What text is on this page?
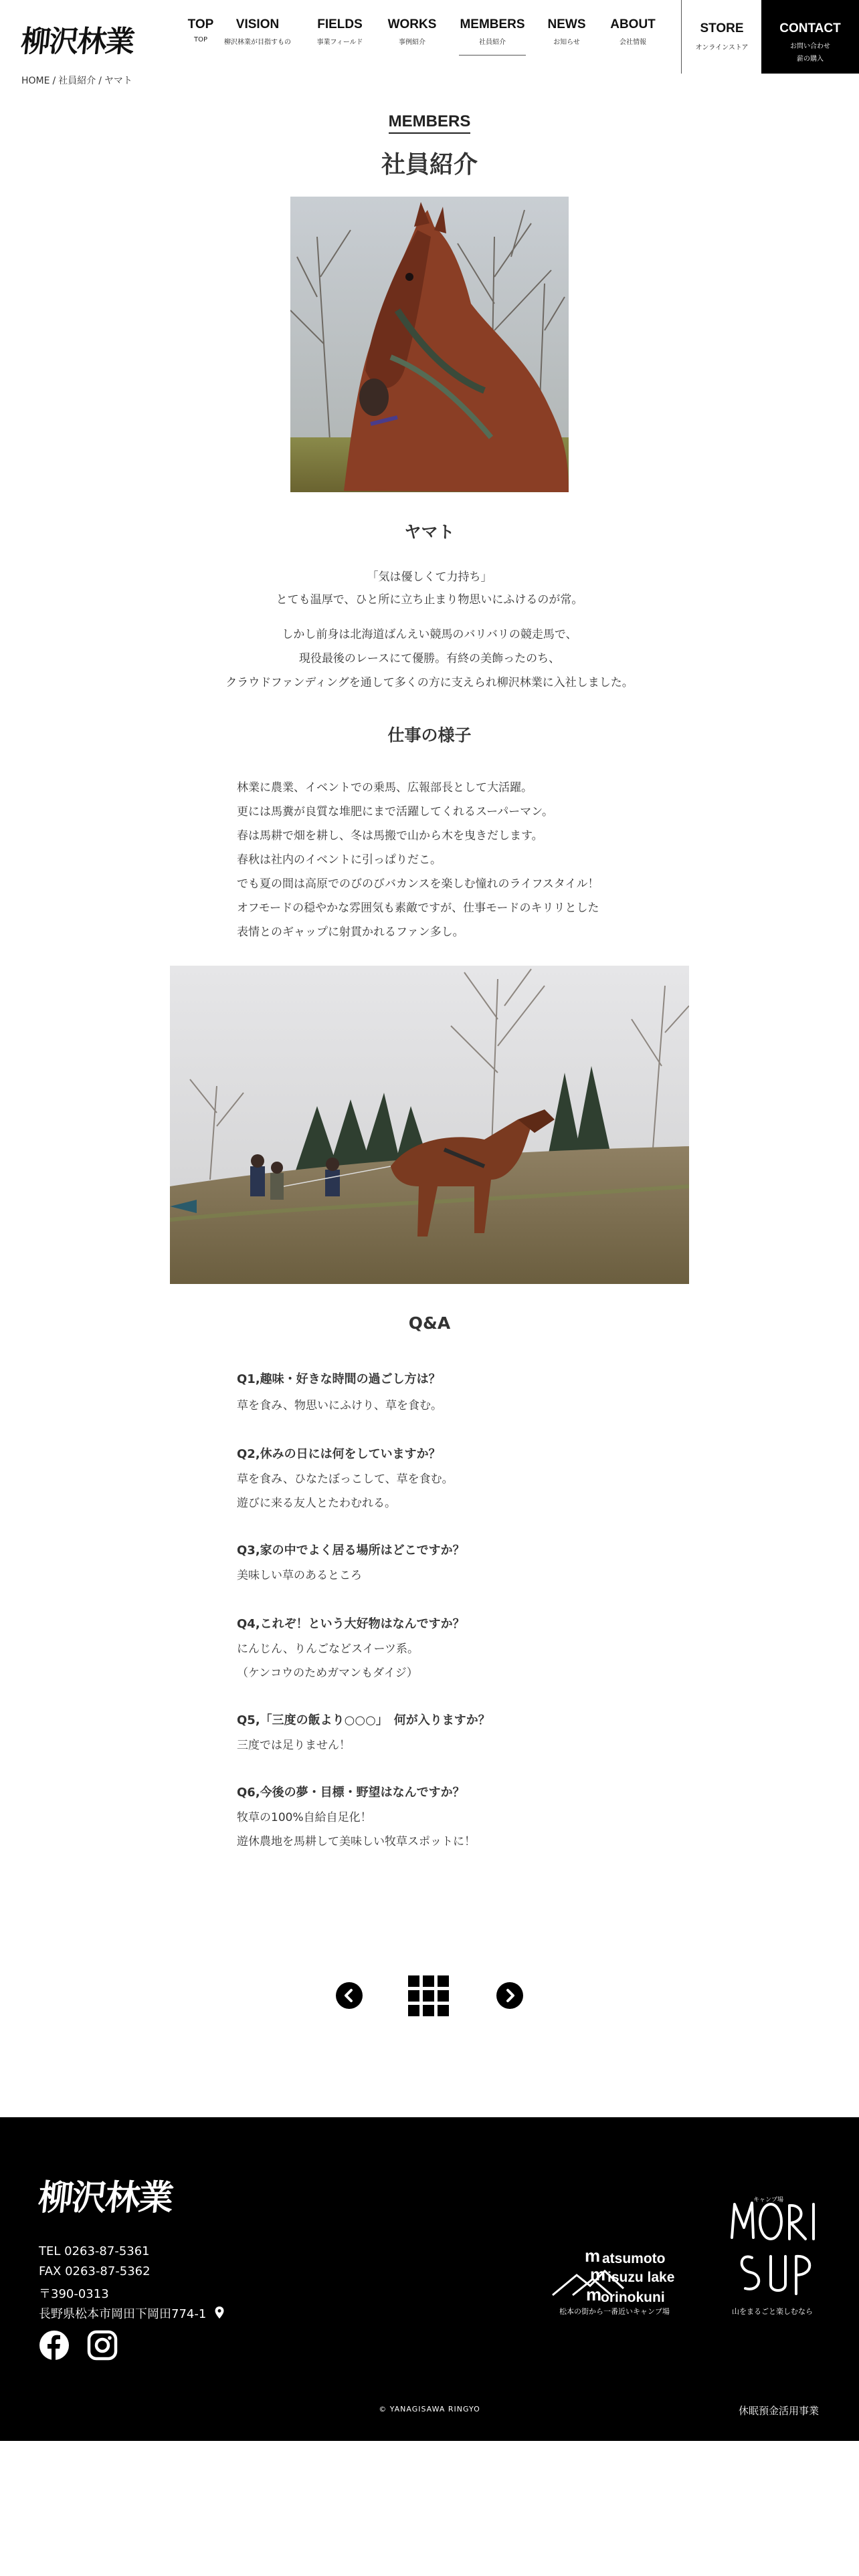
柳沢林業
TOP
TOP
VISION
柳沢林業が目指すもの
FIELDS
事業フィールド
WORKS
事例紹介
MEMBERS
社員紹介
NEWS
お知らせ
ABOUT
会社情報
STORE
オンラインストア
CONTACT
お問い合わせ
薪の購入
HOME / 社員紹介 / ヤマト
MEMBERS
社員紹介
ヤマト
「気は優しくて力持ち」
とても温厚で、ひと所に立ち止まり物思いにふけるのが常。
しかし前身は北海道ばんえい競馬のバリバリの競走馬で、
現役最後のレースにて優勝。有終の美飾ったのち、
クラウドファンディングを通して多くの方に支えられ柳沢林業に入社しました。
仕事の様子
林業に農業、イベントでの乗馬、広報部長として大活躍。
更には馬糞が良質な堆肥にまで活躍してくれるスーパーマン。
春は馬耕で畑を耕し、冬は馬搬で山から木を曳きだします。
春秋は社内のイベントに引っぱりだこ。
でも夏の間は高原でのびのびバカンスを楽しむ憧れのライフスタイル！
オフモードの穏やかな雰囲気も素敵ですが、仕事モードのキリリとした
表情とのギャップに射貫かれるファン多し。
Q&A
Q1,趣味・好きな時間の過ごし方は？
草を食み、物思いにふけり、草を食む。
Q2,休みの日には何をしていますか？
草を食み、ひなたぼっこして、草を食む。
遊びに来る友人とたわむれる。
Q3,家の中でよく居る場所はどこですか？
美味しい草のあるところ
Q4,これぞ！という大好物はなんですか？
にんじん、りんごなどスイーツ系。
（ケンコウのためガマンもダイジ）
Q5,「三度の飯より○○○」　何が入りますか？
三度では足りません！
Q6,今後の夢・目標・野望はなんですか？
牧草の100%自給自足化！
遊休農地を馬耕して美味しい牧草スポットに！
柳沢林業
TEL 0263-87-5361
FAX 0263-87-5362
〒390-0313
長野県松本市岡田下岡田774-1
m
m
m
atsumoto
isuzu lake
orinokuni
松本の街から一番近いキャンプ場
キャンプ場
山をまるごと楽しむなら
© YANAGISAWA RINGYO	休眠預金活用事業
